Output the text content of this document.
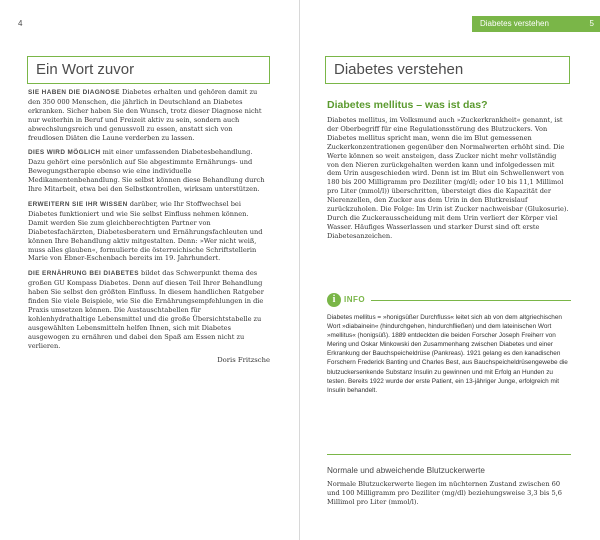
4
Ein Wort zuvor

SIE HABEN DIE DIAGNOSE Diabetes erhalten und gehören damit zu den 350 000 Menschen, die jährlich in Deutschland an Diabetes erkranken. Sicher haben Sie den Wunsch, trotz dieser Diagnose nicht nur weiterhin in Beruf und Freizeit aktiv zu sein, sondern auch abwechslungsreich und genussvoll zu essen, anstatt sich von freudlosen Diäten die Laune verderben zu lassen.

DIES WIRD MÖGLICH mit einer umfassenden Diabetesbehandlung. Dazu gehört eine persönlich auf Sie abgestimmte Ernährungs- und Bewegungstherapie ebenso wie eine individuelle Medikamentenbehandlung. Sie selbst können diese Behandlung durch Ihre Mitarbeit, etwa bei den Selbstkontrollen, wirksam unterstützen.

ERWEITERN SIE IHR WISSEN darüber, wie Ihr Stoffwechsel bei Diabetes funktioniert und wie Sie selbst Einfluss nehmen können. Damit werden Sie zum gleichberechtigten Partner von Diabetesfachärzten, Diabetesberatern und Ernährungsfachleuten und können Ihre Behandlung aktiv mitgestalten. Denn: »Wer nicht weiß, muss alles glauben«, formulierte die österreichische Schriftstellerin Marie von Ebner-Eschenbach bereits im 19. Jahrhundert.

DIE ERNÄHRUNG BEI DIABETES bildet das Schwerpunkt thema des großen GU Kompass Diabetes. Denn auf diesen Teil Ihrer Behandlung haben Sie selbst den größten Einfluss. In diesem handlichen Ratgeber finden Sie viele Beispiele, wie Sie die Ernährungsempfehlungen in die Praxis umsetzen können. Die Austauschtabellen für kohlenhydrathaltige Lebensmittel und die große Übersichtstabelle zu ausgewählten Lebensmitteln helfen Ihnen, sich mit Diabetes ausgewogen zu ernähren und dabei den Spaß am Essen nicht zu verlieren.

Doris Fritzsche
Diabetes verstehen	5
Diabetes verstehen
Diabetes mellitus – was ist das?

Diabetes mellitus, im Volksmund auch »Zuckerkrankheit« genannt, ist der Oberbegriff für eine Regulationsstörung des Blutzuckers. Von Diabetes mellitus spricht man, wenn die im Blut gemessenen Zuckerkonzentrationen gegenüber den Normalwerten erhöht sind. Die Werte können so weit ansteigen, dass Zucker nicht mehr vollständig von den Nieren zurückgehalten werden kann und infolgedessen mit dem Urin ausgeschieden wird. Denn ist im Blut ein Schwellenwert von 180 bis 200 Milligramm pro Deziliter (mg/dl; oder 10 bis 11,1 Millimol pro Liter (mmol/l)) überschritten, übersteigt dies die Kapazität der Nierenzellen, den Zucker aus dem Urin in den Blutkreislauf zurückzuholen. Die Folge: Im Urin ist Zucker nachweisbar (Glukosurie). Durch die Zuckerausscheidung mit dem Urin verliert der Körper viel Wasser. Häufiges Wasserlassen und starker Durst sind oft erste Diabetesanzeichen.

i	INFO
Diabetes mellitus = »honigsüßer Durchfluss« leitet sich ab von dem altgriechischen Wort »diabainein« (hindurchgehen, hindurchfließen) und dem lateinischen Wort »mellitus« (honigsüß). 1889 entdeckten die beiden Forscher Joseph Freiherr von Mering und Oskar Minkowski den Zusammenhang zwischen Diabetes und einer Erkrankung der Bauchspeicheldrüse (Pankreas). 1921 gelang es den kanadischen Forschern Frederick Banting und Charles Best, aus Bauchspeicheldrüsengewebe die blutzuckersenkende Substanz Insulin zu gewinnen und mit Erfolg an Hunden zu testen. Bereits 1922 wurde der erste Patient, ein 13-jähriger Junge, erfolgreich mit Insulin behandelt.
Normale und abweichende Blutzuckerwerte

Normale Blutzuckerwerte liegen im nüchternen Zustand zwischen 60 und 100 Milligramm pro Deziliter (mg/dl) beziehungsweise 3,3 bis 5,6 Millimol pro Liter (mmol/l).
